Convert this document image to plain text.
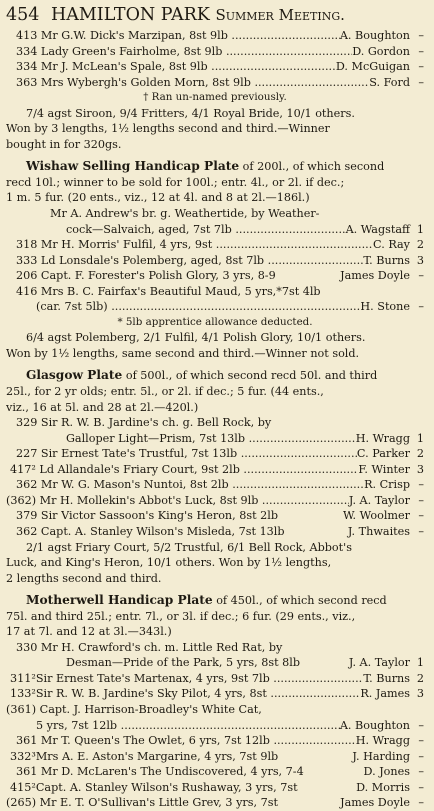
454 HAMILTON PARK Summer Meeting.
413 Mr G.W. Dick's Marzipan, 8st 9lb .....	A. Boughton –
334 Lady Green's Fairholme, 8st 9lb .....	D. Gordon –
334 Mr J. McLean's Spale, 8st 9lb .....	D. McGuigan –
363 Mrs Wybergh's Golden Morn, 8st 9lb .....	S. Ford –
† Ran un-named previously.
7/4 agst Siroon, 9/4 Fritters, 4/1 Royal Bride, 10/1 others.
Won by 3 lengths, 1½ lengths second and third.—Winner
bought in for 320gs.
Wishaw Selling Handicap Plate of 200l., of which second
recd 10l.; winner to be sold for 100l.; entr. 4l., or 2l. if dec.;
1 m. 5 fur. (20 ents., viz., 12 at 4l. and 8 at 2l.—186l.)
Mr A. Andrew's br. g. Weathertide, by Weather-
cock—Salvaich, aged, 7st 7lb .....	A. Wagstaff 1
318 Mr H. Morris' Fulfil, 4 yrs, 9st .....	C. Ray 2
333 Ld Lonsdale's Polemberg, aged, 8st 7lb .....	T. Burns 3
206 Capt. F. Forester's Polish Glory, 3 yrs, 8-9	James Doyle –
416 Mrs B. C. Fairfax's Beautiful Maud, 5 yrs,*7st 4lb
(car. 7st 5lb) .....	H. Stone –
* 5lb apprentice allowance deducted.
6/4 agst Polemberg, 2/1 Fulfil, 4/1 Polish Glory, 10/1 others.
Won by 1½ lengths, same second and third.—Winner not sold.
Glasgow Plate of 500l., of which second recd 50l. and third
25l., for 2 yr olds; entr. 5l., or 2l. if dec.; 5 fur. (44 ents.,
viz., 16 at 5l. and 28 at 2l.—420l.)
329 Sir R. W. B. Jardine's ch. g. Bell Rock, by
Galloper Light—Prism, 7st 13lb .....	H. Wragg 1
227 Sir Ernest Tate's Trustful, 7st 13lb .....	C. Parker 2
417² Ld Allandale's Friary Court, 9st 2lb .....	F. Winter 3
362 Mr W. G. Mason's Nuntoi, 8st 2lb .....	R. Crisp –
(362) Mr H. Mollekin's Abbot's Luck, 8st 9lb .....	J. A. Taylor –
379 Sir Victor Sassoon's King's Heron, 8st 2lb	W. Woolmer –
362 Capt. A. Stanley Wilson's Misleda, 7st 13lb	J. Thwaites –
2/1 agst Friary Court, 5/2 Trustful, 6/1 Bell Rock, Abbot's
Luck, and King's Heron, 10/1 others. Won by 1½ lengths,
2 lengths second and third.
Motherwell Handicap Plate of 450l., of which second recd
75l. and third 25l.; entr. 7l., or 3l. if dec.; 6 fur. (29 ents., viz.,
17 at 7l. and 12 at 3l.—343l.)
330 Mr H. Crawford's ch. m. Little Red Rat, by
Desman—Pride of the Park, 5 yrs, 8st 8lb	J. A. Taylor 1
311²Sir Ernest Tate's Martenax, 4 yrs, 9st 7lb .....	T. Burns 2
133²Sir R. W. B. Jardine's Sky Pilot, 4 yrs, 8st .....	R. James 3
(361) Capt. J. Harrison-Broadley's White Cat,
5 yrs, 7st 12lb .....	A. Boughton –
361 Mr T. Queen's The Owlet, 6 yrs, 7st 12lb .....	H. Wragg –
332³Mrs A. E. Aston's Margarine, 4 yrs, 7st 9lb	J. Harding –
361 Mr D. McLaren's The Undiscovered, 4 yrs, 7-4	D. Jones –
415²Capt. A. Stanley Wilson's Rushaway, 3 yrs, 7st	D. Morris –
(265) Mr E. T. O'Sullivan's Little Grev, 3 yrs, 7st	James Doyle –
